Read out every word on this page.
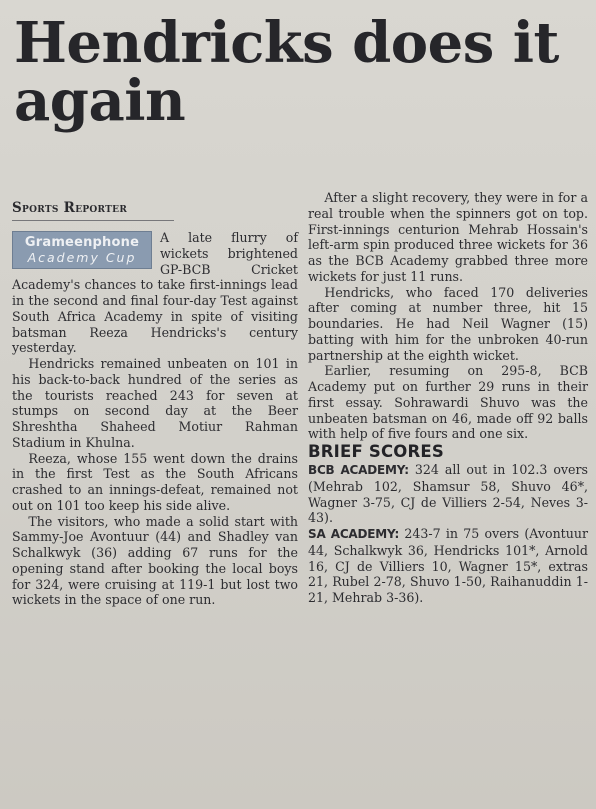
Hendricks does it again
Sports Reporter
Grameenphone
Academy Cup

A late flurry of wickets brightened GP-BCB Cricket Academy's chances to take first-innings lead in the second and final four-day Test against South Africa Academy in spite of visiting batsman Reeza Hendricks's century yesterday.

Hendricks remained unbeaten on 101 in his back-to-back hundred of the series as the tourists reached 243 for seven at stumps on second day at the Beer Shreshtha Shaheed Motiur Rahman Stadium in Khulna.

Reeza, whose 155 went down the drains in the first Test as the South Africans crashed to an innings-defeat, remained not out on 101 too keep his side alive.

The visitors, who made a solid start with Sammy-Joe Avontuur (44) and Shadley van Schalkwyk (36) adding 67 runs for the opening stand after booking the local boys for 324, were cruising at 119-1 but lost two wickets in the space of one run.

After a slight recovery, they were in for a real trouble when the spinners got on top. First-innings centurion Mehrab Hossain's left-arm spin produced three wickets for 36 as the BCB Academy grabbed three more wickets for just 11 runs.

Hendricks, who faced 170 deliveries after coming at number three, hit 15 boundaries. He had Neil Wagner (15) batting with him for the unbroken 40-run partnership at the eighth wicket.

Earlier, resuming on 295-8, BCB Academy put on further 29 runs in their first essay. Sohrawardi Shuvo was the unbeaten batsman on 46, made off 92 balls with help of five fours and one six.

BRIEF SCORES

BCB ACADEMY: 324 all out in 102.3 overs (Mehrab 102, Shamsur 58, Shuvo 46*, Wagner 3-75, CJ de Villiers 2-54, Neves 3-43).

SA ACADEMY: 243-7 in 75 overs (Avontuur 44, Schalkwyk 36, Hendricks 101*, Arnold 16, CJ de Villiers 10, Wagner 15*, extras 21, Rubel 2-78, Shuvo 1-50, Raihanuddin 1-21, Mehrab 3-36).
